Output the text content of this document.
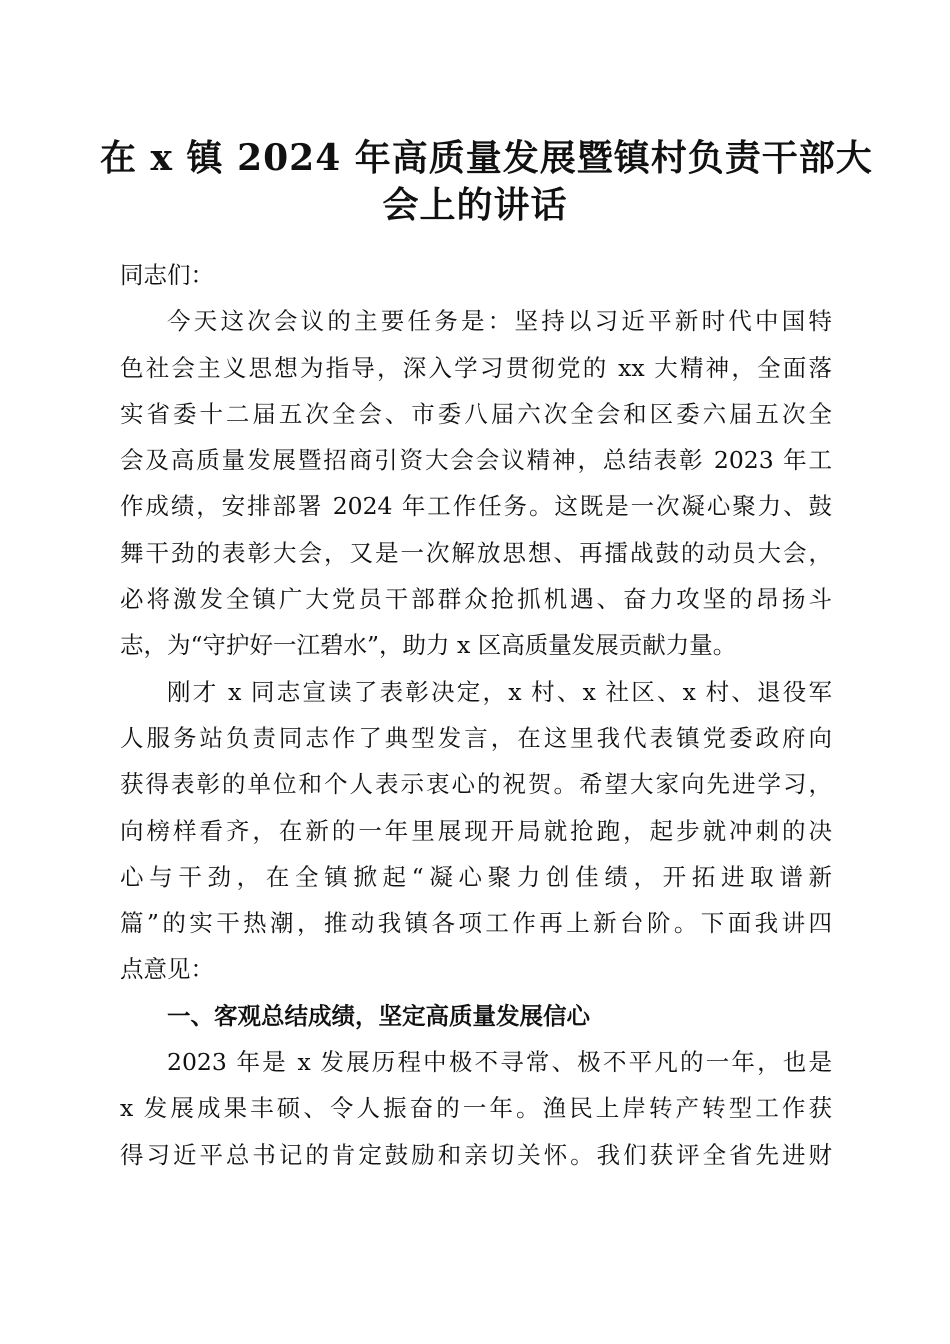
在 x 镇 2024 年高质量发展暨镇村负责干部大
会上的讲话
同志们：
今天这次会议的主要任务是：坚持以习近平新时代中国特
色社会主义思想为指导，深入学习贯彻党的 xx 大精神，全面落
实省委十二届五次全会、市委八届六次全会和区委六届五次全
会及高质量发展暨招商引资大会会议精神，总结表彰 2023 年工
作成绩，安排部署 2024 年工作任务。这既是一次凝心聚力、鼓
舞干劲的表彰大会，又是一次解放思想、再擂战鼓的动员大会，
必将激发全镇广大党员干部群众抢抓机遇、奋力攻坚的昂扬斗
志，为“守护好一江碧水”，助力 x 区高质量发展贡献力量。
刚才 x 同志宣读了表彰决定，x 村、x 社区、x 村、退役军
人服务站负责同志作了典型发言，在这里我代表镇党委政府向
获得表彰的单位和个人表示衷心的祝贺。希望大家向先进学习，
向榜样看齐，在新的一年里展现开局就抢跑，起步就冲刺的决
心与干劲，在全镇掀起“凝心聚力创佳绩，开拓进取谱新
篇”的实干热潮，推动我镇各项工作再上新台阶。下面我讲四
点意见：
一、客观总结成绩，坚定高质量发展信心
2023 年是 x 发展历程中极不寻常、极不平凡的一年，也是
x 发展成果丰硕、令人振奋的一年。渔民上岸转产转型工作获
得习近平总书记的肯定鼓励和亲切关怀。我们获评全省先进财
